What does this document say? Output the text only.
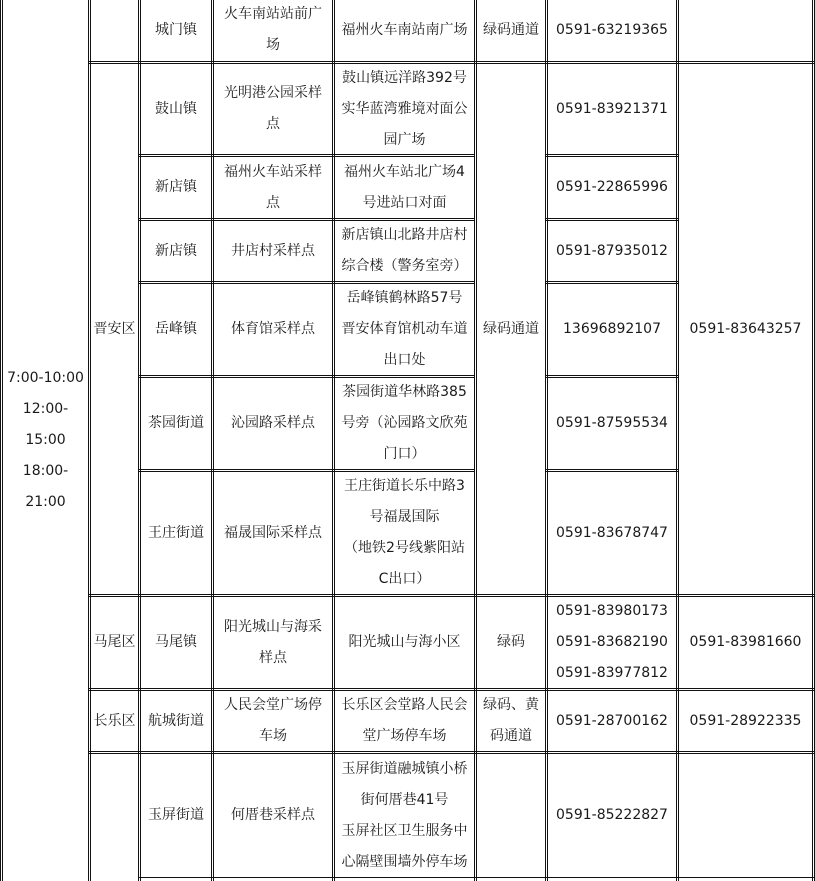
7:00-10:00
12:00-
15:00
18:00-
21:00
晋安区
马尾区
长乐区
城门镇
火车南站站前广
场
福州火车南站南广场 绿码通道 0591-63219365
鼓山镇
光明港公园采样
点
鼓山镇远洋路392号
实华蓝湾雅境对面公
园广场
0591-83921371
新店镇
福州火车站采样
点
福州火车站北广场4
号进站口对面
0591-22865996
新店镇 井店村采样点
新店镇山北路井店村
综合楼（警务室旁）
0591-87935012
岳峰镇 体育馆采样点
岳峰镇鹤林路57号
晋安体育馆机动车道
出口处
13696892107
茶园街道 沁园路采样点
茶园街道华林路385
号旁（沁园路文欣苑
门口）
0591-87595534
王庄街道 福晟国际采样点
王庄街道长乐中路3
号福晟国际
（地铁2号线紫阳站
C出口）
0591-83678747
绿码通道	0591-83643257
马尾镇
阳光城山与海采
样点
阳光城山与海小区	绿码
0591-83980173
0591-83682190
0591-83977812
0591-83981660
航城街道
人民会堂广场停
车场
长乐区会堂路人民会
堂广场停车场
绿码、黄
码通道
0591-28700162 0591-28922335
玉屏街道 何厝巷采样点
玉屏街道融城镇小桥
街何厝巷41号
玉屏社区卫生服务中
心隔壁围墙外停车场
0591-85222827
